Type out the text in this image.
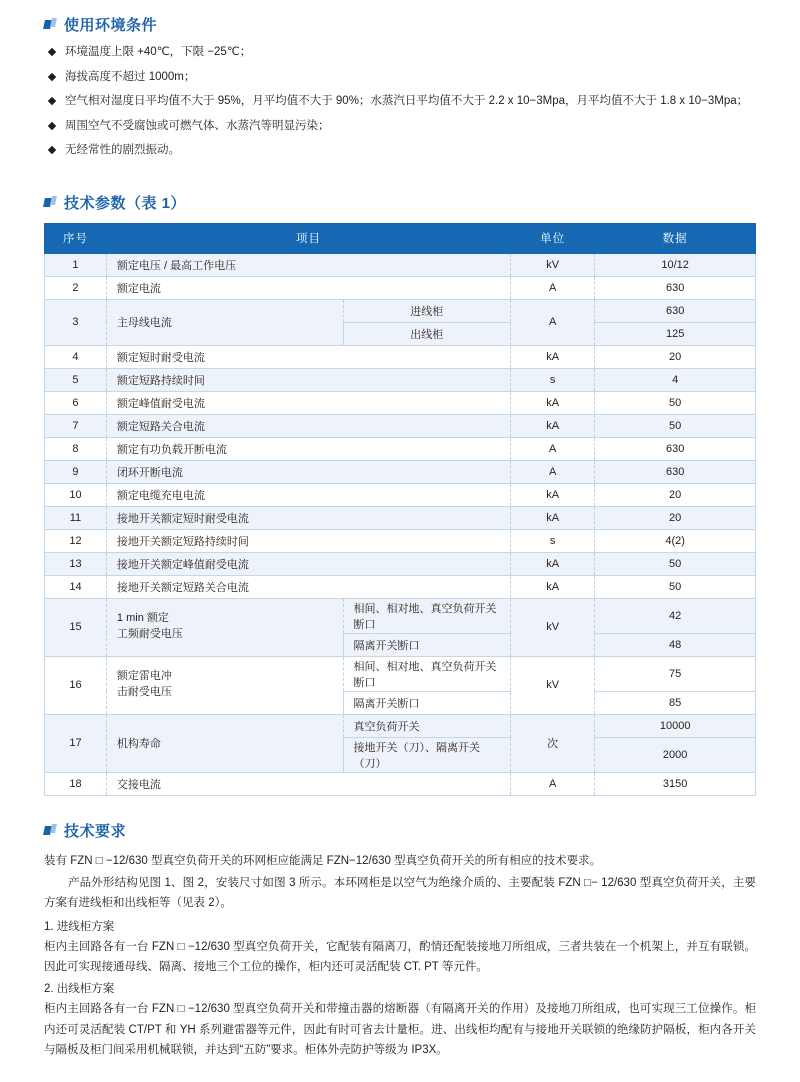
使用环境条件
环境温度上限 +40℃，下限 −25℃；
海拔高度不超过 1000m；
空气相对湿度日平均值不大于 95%，月平均值不大于 90%；水蒸汽日平均值不大于 2.2 x 10−3Mpa，月平均值不大于 1.8 x 10−3Mpa；
周围空气不受腐蚀或可燃气体、水蒸汽等明显污染；
无经常性的剧烈振动。
技术参数（表 1）
序号	项目		单位	数据
1	额定电压 / 最高工作电压		kV	10/12
2	额定电流		A	630
3	主母线电流	进线柜	A	630
		出线柜		125
4	额定短时耐受电流		kA	20
5	额定短路持续时间		s	4
6	额定峰值耐受电流		kA	50
7	额定短路关合电流		kA	50
8	额定有功负载开断电流		A	630
9	闭环开断电流		A	630
10	额定电缆充电电流		kA	20
11	接地开关额定短时耐受电流		kA	20
12	接地开关额定短路持续时间		s	4(2)
13	接地开关额定峰值耐受电流		kA	50
14	接地开关额定短路关合电流		kA	50
15	1 min 额定
工频耐受电压	相间、相对地、真空负荷开关断口	kV	42
		隔离开关断口		48
16	额定雷电冲
击耐受电压	相间、相对地、真空负荷开关断口	kV	75
		隔离开关断口		85
17	机构寿命	真空负荷开关	次	10000
		接地开关（刀）、隔离开关（刀）		2000
18	交接电流		A	3150
技术要求

装有 FZN □ −12/630 型真空负荷开关的环网柜应能满足 FZN−12/630 型真空负荷开关的所有相应的技术要求。

产品外形结构见图 1、图 2，安装尺寸如图 3 所示。本环网柜是以空气为绝缘介质的、主要配装 FZN □− 12/630 型真空负荷开关，主要方案有进线柜和出线柜等（见表 2）。

1. 进线柜方案

柜内主回路各有一台 FZN □ −12/630 型真空负荷开关，它配装有隔离刀，酌情还配装接地刀所组成，三者共装在一个机架上，并互有联锁。因此可实现接通母线、隔离、接地三个工位的操作，柜内还可灵活配装 CT. PT 等元件。

2. 出线柜方案

柜内主回路各有一台 FZN □ −12/630 型真空负荷开关和带撞击器的熔断器（有隔离开关的作用）及接地刀所组成，也可实现三工位操作。柜内还可灵活配装 CT/PT 和 YH 系列避雷器等元件，因此有时可省去计量柜。进、出线柜均配有与接地开关联锁的绝缘防护隔板，柜内各开关与隔板及柜门间采用机械联锁，并达到“五防”要求。柜体外壳防护等级为 IP3X。
